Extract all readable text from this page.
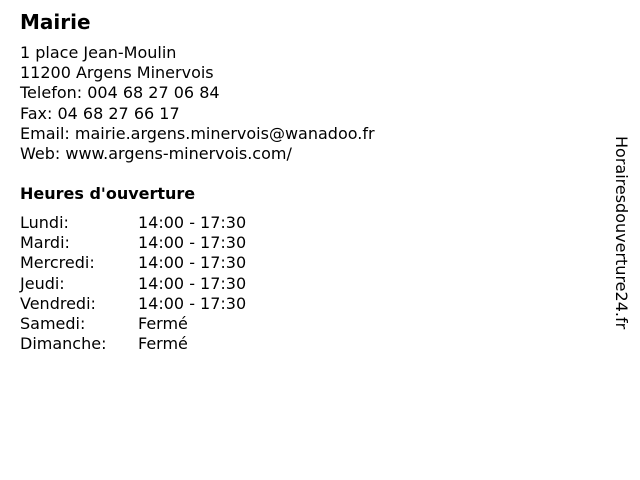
Mairie
1 place Jean-Moulin
11200 Argens Minervois
Telefon: 004 68 27 06 84
Fax: 04 68 27 66 17
Email: mairie.argens.minervois@wanadoo.fr
Web: www.argens-minervois.com/
Heures d'ouverture
Lundi:	14:00 - 17:30
Mardi:	14:00 - 17:30
Mercredi:	14:00 - 17:30
Jeudi:	14:00 - 17:30
Vendredi:	14:00 - 17:30
Samedi:	Fermé
Dimanche:	Fermé
Horairesdouverture24.fr
